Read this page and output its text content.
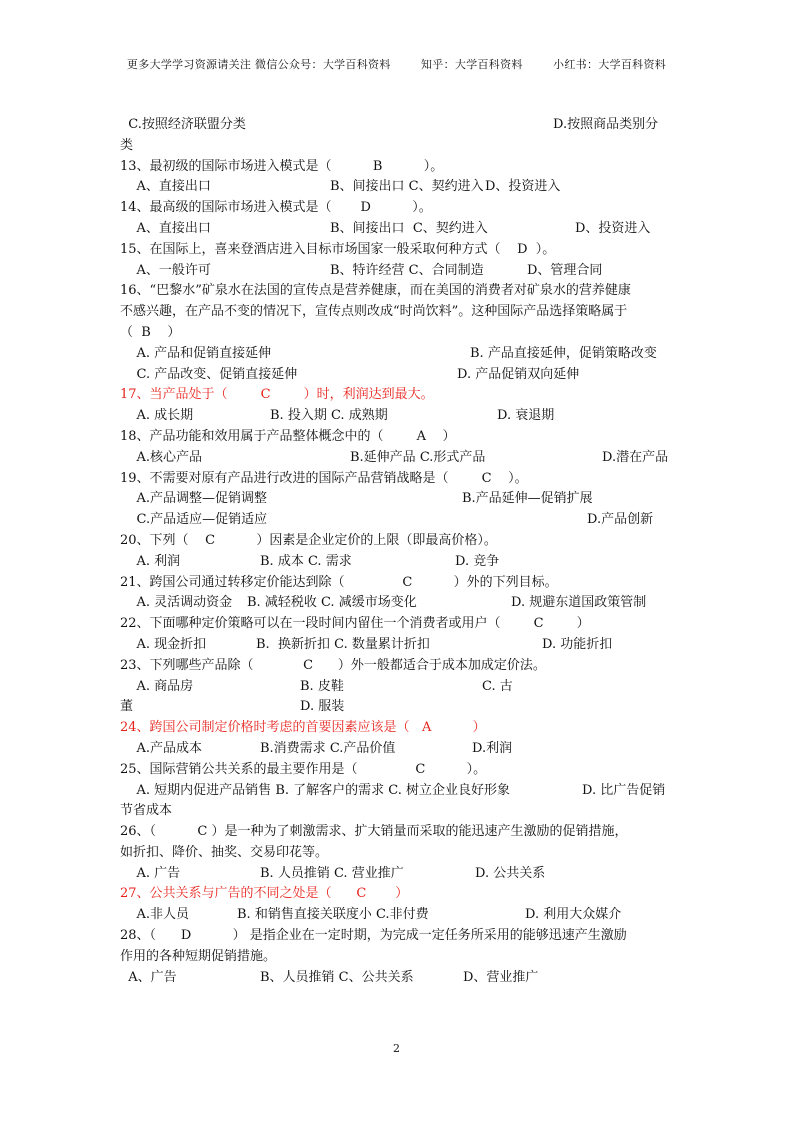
更多大学学习资源请关注 微信公众号：大学百科资料        知乎：大学百科资料        小红书：大学百科资料
C.按照经济联盟分类	D.按照商品类别分
类
13、最初级的国际市场进入模式是（          B          ）。
A、直接出口	B、间接出口 C、契约进入 D、投资进入
14、最高级的国际市场进入模式是（       D          ）。
A、直接出口	B、间接出口  C、契约进入	D、投资进入
15、在国际上，喜来登酒店进入目标市场国家一般采取何种方式（    D  ）。
A、一般许可	B、特许经营 C、合同制造	D、管理合同
16、“巴黎水”矿泉水在法国的宣传点是营养健康，而在美国的消费者对矿泉水的营养健康
不感兴趣，在产品不变的情况下，宣传点则改成“时尚饮料”。这种国际产品选择策略属于
（  B    ）
A. 产品和促销直接延伸	B. 产品直接延伸，促销策略改变
C. 产品改变、促销直接延伸	D. 产品促销双向延伸
17、当产品处于（        C        ）时，利润达到最大。
A. 成长期	B. 投入期 C. 成熟期	D. 衰退期
18、产品功能和效用属于产品整体概念中的（        A    ）
A.核心产品	B.延伸产品 C.形式产品	D.潜在产品
19、不需要对原有产品进行改进的国际产品营销战略是（        C    ）。
A.产品调整—促销调整	B.产品延伸—促销扩展
C.产品适应—促销适应	D.产品创新
20、下列（    C          ）因素是企业定价的上限（即最高价格）。
A. 利润	B. 成本 C. 需求	D. 竞争
21、跨国公司通过转移定价能达到除（              C          ）外的下列目标。
A. 灵活调动资金 B. 减轻税收 C. 减缓市场变化	D. 规避东道国政策管制
22、下面哪种定价策略可以在一段时间内留住一个消费者或用户（        C        ）
A. 现金折扣	B.  换新折扣 C. 数量累计折扣	D. 功能折扣
23、下列哪些产品除（            C      ）外一般都适合于成本加成定价法。
A. 商品房	B. 皮鞋	C. 古
董	D. 服装
24、跨国公司制定价格时考虑的首要因素应该是（   A          ）
A.产品成本	B.消费需求 C.产品价值	D.利润
25、国际营销公共关系的最主要作用是（              C          ）。
A. 短期内促进产品销售 B. 了解客户的需求 C. 树立企业良好形象	D. 比广告促销
节省成本
26、（          C ）是一种为了刺激需求、扩大销量而采取的能迅速产生激励的促销措施，
如折扣、降价、抽奖、交易印花等。
A. 广告	B. 人员推销 C. 营业推广	D. 公共关系
27、公共关系与广告的不同之处是（      C       ）
A.非人员	B. 和销售直接关联度小 C.非付费	D. 利用大众媒介
28、（      D          ） 是指企业在一定时期，为完成一定任务所采用的能够迅速产生激励
作用的各种短期促销措施。
A、广告	B、人员推销 C、公共关系	D、营业推广
2
